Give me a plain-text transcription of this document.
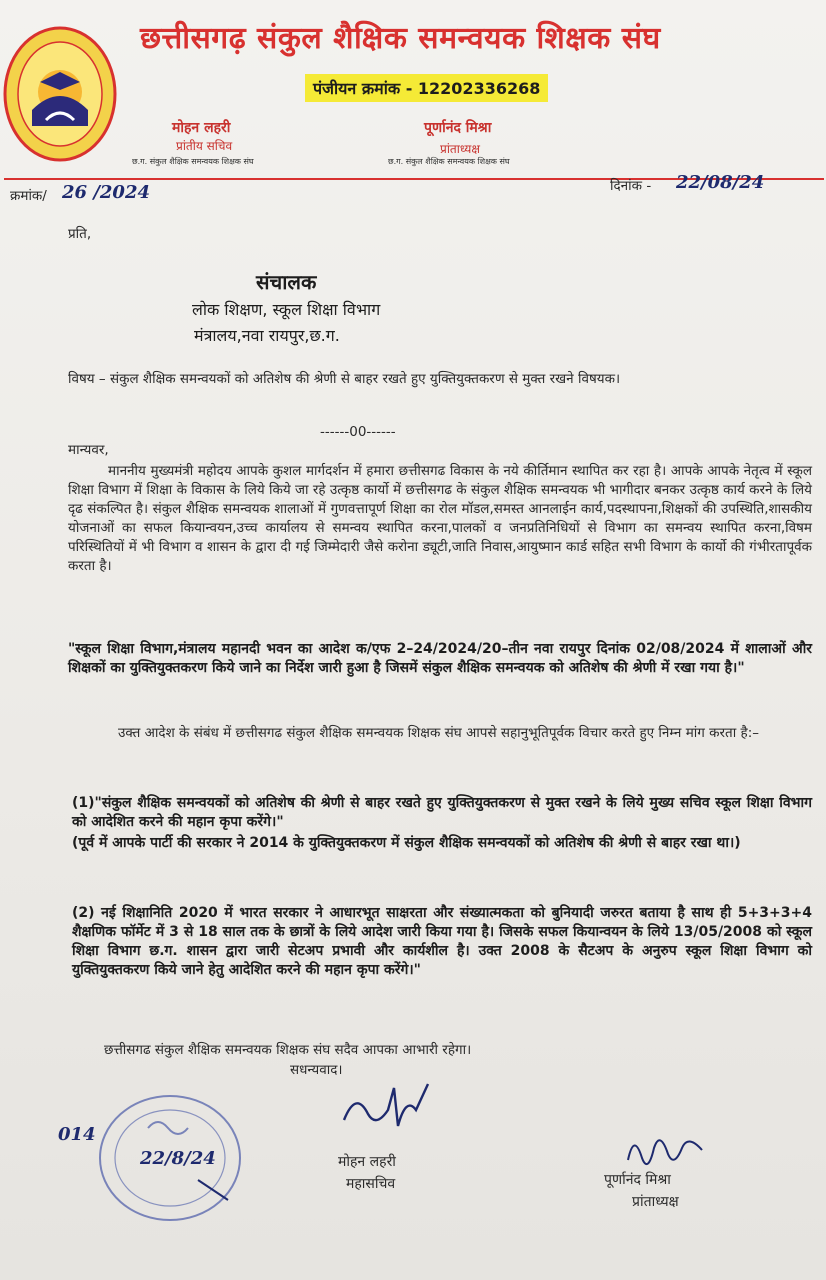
छत्तीसगढ़ संकुल शैक्षिक समन्वयक शिक्षक संघ
पंजीयन क्रमांक - 12202336268
मोहन लहरी
प्रांतीय सचिव
छ.ग. संकुल शैक्षिक समन्वयक शिक्षक संघ
पूर्णानंद मिश्रा
प्रांताध्यक्ष
छ.ग. संकुल शैक्षिक समन्वयक शिक्षक संघ
क्रमांक/ 26 /2024	दिनांक - 22/08/24
प्रति,
संचालक
लोक शिक्षण, स्कूल शिक्षा विभाग
मंत्रालय,नवा रायपुर,छ.ग.
विषय – संकुल शैक्षिक समन्वयकों को अतिशेष की श्रेणी से बाहर रखते हुए युक्तियुक्तकरण से मुक्त रखने विषयक।
------00------
मान्यवर,
माननीय मुख्यमंत्री महोदय आपके कुशल मार्गदर्शन में हमारा छत्तीसगढ विकास के नये कीर्तिमान स्थापित कर रहा है। आपके आपके नेतृत्व में स्कूल शिक्षा विभाग में शिक्षा के विकास के लिये किये जा रहे उत्कृष्ठ कार्यो में छत्तीसगढ के संकुल शैक्षिक समन्वयक भी भागीदार बनकर उत्कृष्ठ कार्य करने के लिये दृढ संकल्पित है। संकुल शैक्षिक समन्वयक शालाओं में गुणवत्तापूर्ण शिक्षा का रोल मॉडल,समस्त आनलाईन कार्य,पदस्थापना,शिक्षकों की उपस्थिति,शासकीय योजनाओं का सफल कियान्वयन,उच्च कार्यालय से समन्वय स्थापित करना,पालकों व जनप्रतिनिधियों से विभाग का समन्वय स्थापित करना,विषम परिस्थितियों में भी विभाग व शासन के द्वारा दी गई जिम्मेदारी जैसे करोना ड्यूटी,जाति निवास,आयुष्मान कार्ड सहित सभी विभाग के कार्यो की गंभीरतापूर्वक करता है।
"स्कूल शिक्षा विभाग,मंत्रालय महानदी भवन का आदेश क/एफ 2–24/2024/20–तीन नवा रायपुर दिनांक 02/08/2024 में शालाओं और शिक्षकों का युक्तियुक्तकरण किये जाने का निर्देश जारी हुआ है जिसमें संकुल शैक्षिक समन्वयक को अतिशेष की श्रेणी में रखा गया है।"
उक्त आदेश के संबंध में छत्तीसगढ संकुल शैक्षिक समन्वयक शिक्षक संघ आपसे सहानुभूतिपूर्वक विचार करते हुए निम्न मांग करता है:–
(1)"संकुल शैक्षिक समन्वयकों को अतिशेष की श्रेणी से बाहर रखते हुए युक्तियुक्तकरण से मुक्त रखने के लिये मुख्य सचिव स्कूल शिक्षा विभाग को आदेशित करने की महान कृपा करेंगे।"
(पूर्व में आपके पार्टी की सरकार ने 2014 के युक्तियुक्तकरण में संकुल शैक्षिक समन्वयकों को अतिशेष की श्रेणी से बाहर रखा था।)
(2) नई शिक्षानिति 2020 में भारत सरकार ने आधारभूत साक्षरता और संख्यात्मकता को बुनियादी जरुरत बताया है साथ ही 5+3+3+4 शैक्षणिक फॉर्मेट में 3 से 18 साल तक के छात्रों के लिये आदेश जारी किया गया है। जिसके सफल कियान्वयन के लिये 13/05/2008 को स्कूल शिक्षा विभाग छ.ग. शासन द्वारा जारी सेटअप प्रभावी और कार्यशील है। उक्त 2008 के सैटअप के अनुरुप स्कूल शिक्षा विभाग को युक्तियुक्तकरण किये जाने हेतु आदेशित करने की महान कृपा करेंगे।"
छत्तीसगढ संकुल शैक्षिक समन्वयक शिक्षक संघ सदैव आपका आभारी रहेगा।
सधन्यवाद।
014
22/8/24	मोहन लहरी
महासचिव	पूर्णानंद मिश्रा
प्रांताध्यक्ष
